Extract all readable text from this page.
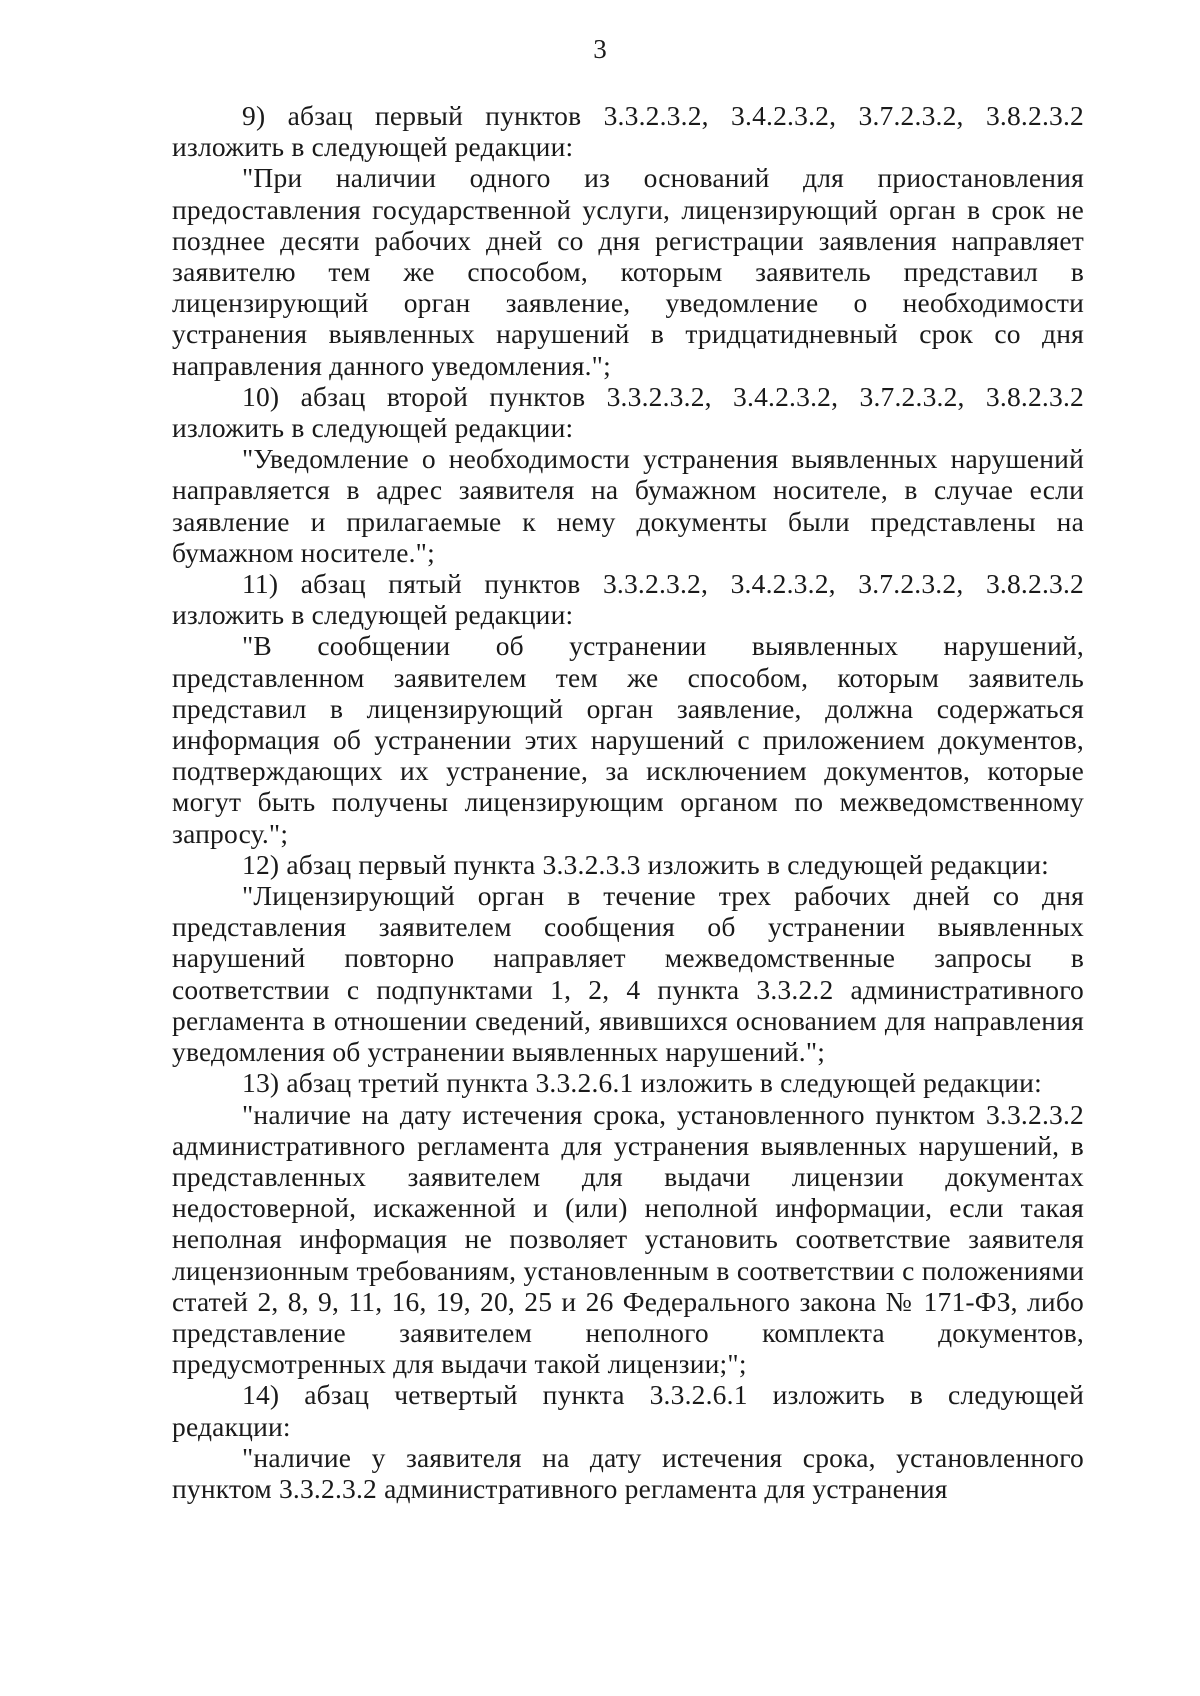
3

9) абзац первый пунктов 3.3.2.3.2, 3.4.2.3.2, 3.7.2.3.2, 3.8.2.3.2 изложить в следующей редакции:

"При наличии одного из оснований для приостановления предоставления государственной услуги, лицензирующий орган в срок не позднее десяти рабочих дней со дня регистрации заявления направляет заявителю тем же способом, которым заявитель представил в лицензирующий орган заявление, уведомление о необходимости устранения выявленных нарушений в тридцатидневный срок со дня направления данного уведомления.";

10) абзац второй пунктов 3.3.2.3.2, 3.4.2.3.2, 3.7.2.3.2, 3.8.2.3.2 изложить в следующей редакции:

"Уведомление о необходимости устранения выявленных нарушений направляется в адрес заявителя на бумажном носителе, в случае если заявление и прилагаемые к нему документы были представлены на бумажном носителе.";

11) абзац пятый пунктов 3.3.2.3.2, 3.4.2.3.2, 3.7.2.3.2, 3.8.2.3.2 изложить в следующей редакции:

"В сообщении об устранении выявленных нарушений, представленном заявителем тем же способом, которым заявитель представил в лицензирующий орган заявление, должна содержаться информация об устранении этих нарушений с приложением документов, подтверждающих их устранение, за исключением документов, которые могут быть получены лицензирующим органом по межведомственному запросу.";

12) абзац первый пункта 3.3.2.3.3 изложить в следующей редакции:

"Лицензирующий орган в течение трех рабочих дней со дня представления заявителем сообщения об устранении выявленных нарушений повторно направляет межведомственные запросы в соответствии с подпунктами 1, 2, 4 пункта 3.3.2.2 административного регламента в отношении сведений, явившихся основанием для направления уведомления об устранении выявленных нарушений.";

13) абзац третий пункта 3.3.2.6.1 изложить в следующей редакции:

"наличие на дату истечения срока, установленного пунктом 3.3.2.3.2 административного регламента для устранения выявленных нарушений, в представленных заявителем для выдачи лицензии документах недостоверной, искаженной и (или) неполной информации, если такая неполная информация не позволяет установить соответствие заявителя лицензионным требованиям, установленным в соответствии с положениями статей 2, 8, 9, 11, 16, 19, 20, 25 и 26 Федерального закона № 171-ФЗ, либо представление заявителем неполного комплекта документов, предусмотренных для выдачи такой лицензии;";

14) абзац четвертый пункта 3.3.2.6.1 изложить в следующей редакции:

"наличие у заявителя на дату истечения срока, установленного пунктом 3.3.2.3.2 административного регламента для устранения
